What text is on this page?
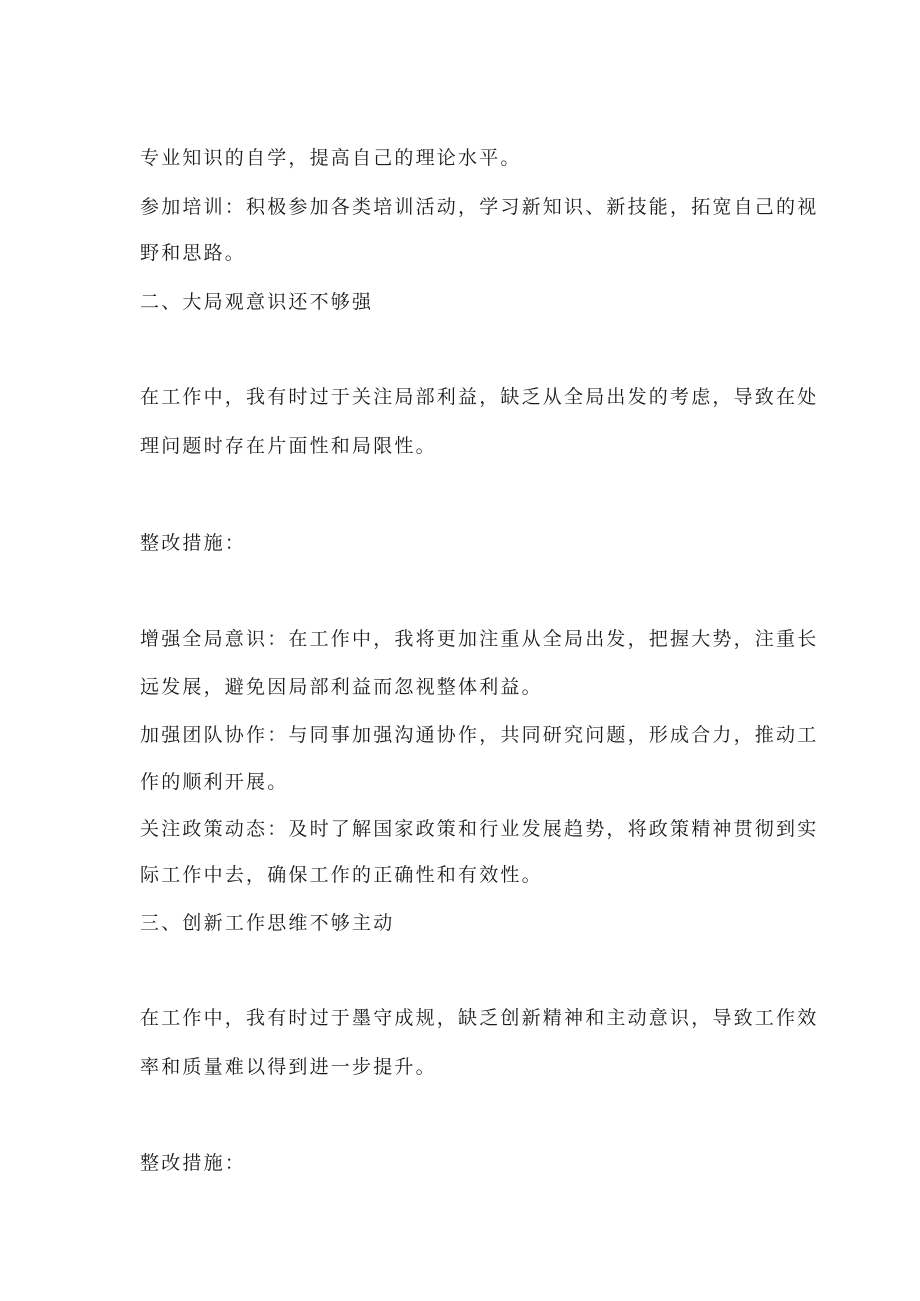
专业知识的自学，提高自己的理论水平。
参加培训：积极参加各类培训活动，学习新知识、新技能，拓宽自己的视
野和思路。
二、大局观意识还不够强
在工作中，我有时过于关注局部利益，缺乏从全局出发的考虑，导致在处
理问题时存在片面性和局限性。
整改措施：
增强全局意识：在工作中，我将更加注重从全局出发，把握大势，注重长
远发展，避免因局部利益而忽视整体利益。
加强团队协作：与同事加强沟通协作，共同研究问题，形成合力，推动工
作的顺利开展。
关注政策动态：及时了解国家政策和行业发展趋势，将政策精神贯彻到实
际工作中去，确保工作的正确性和有效性。
三、创新工作思维不够主动
在工作中，我有时过于墨守成规，缺乏创新精神和主动意识，导致工作效
率和质量难以得到进一步提升。
整改措施：
